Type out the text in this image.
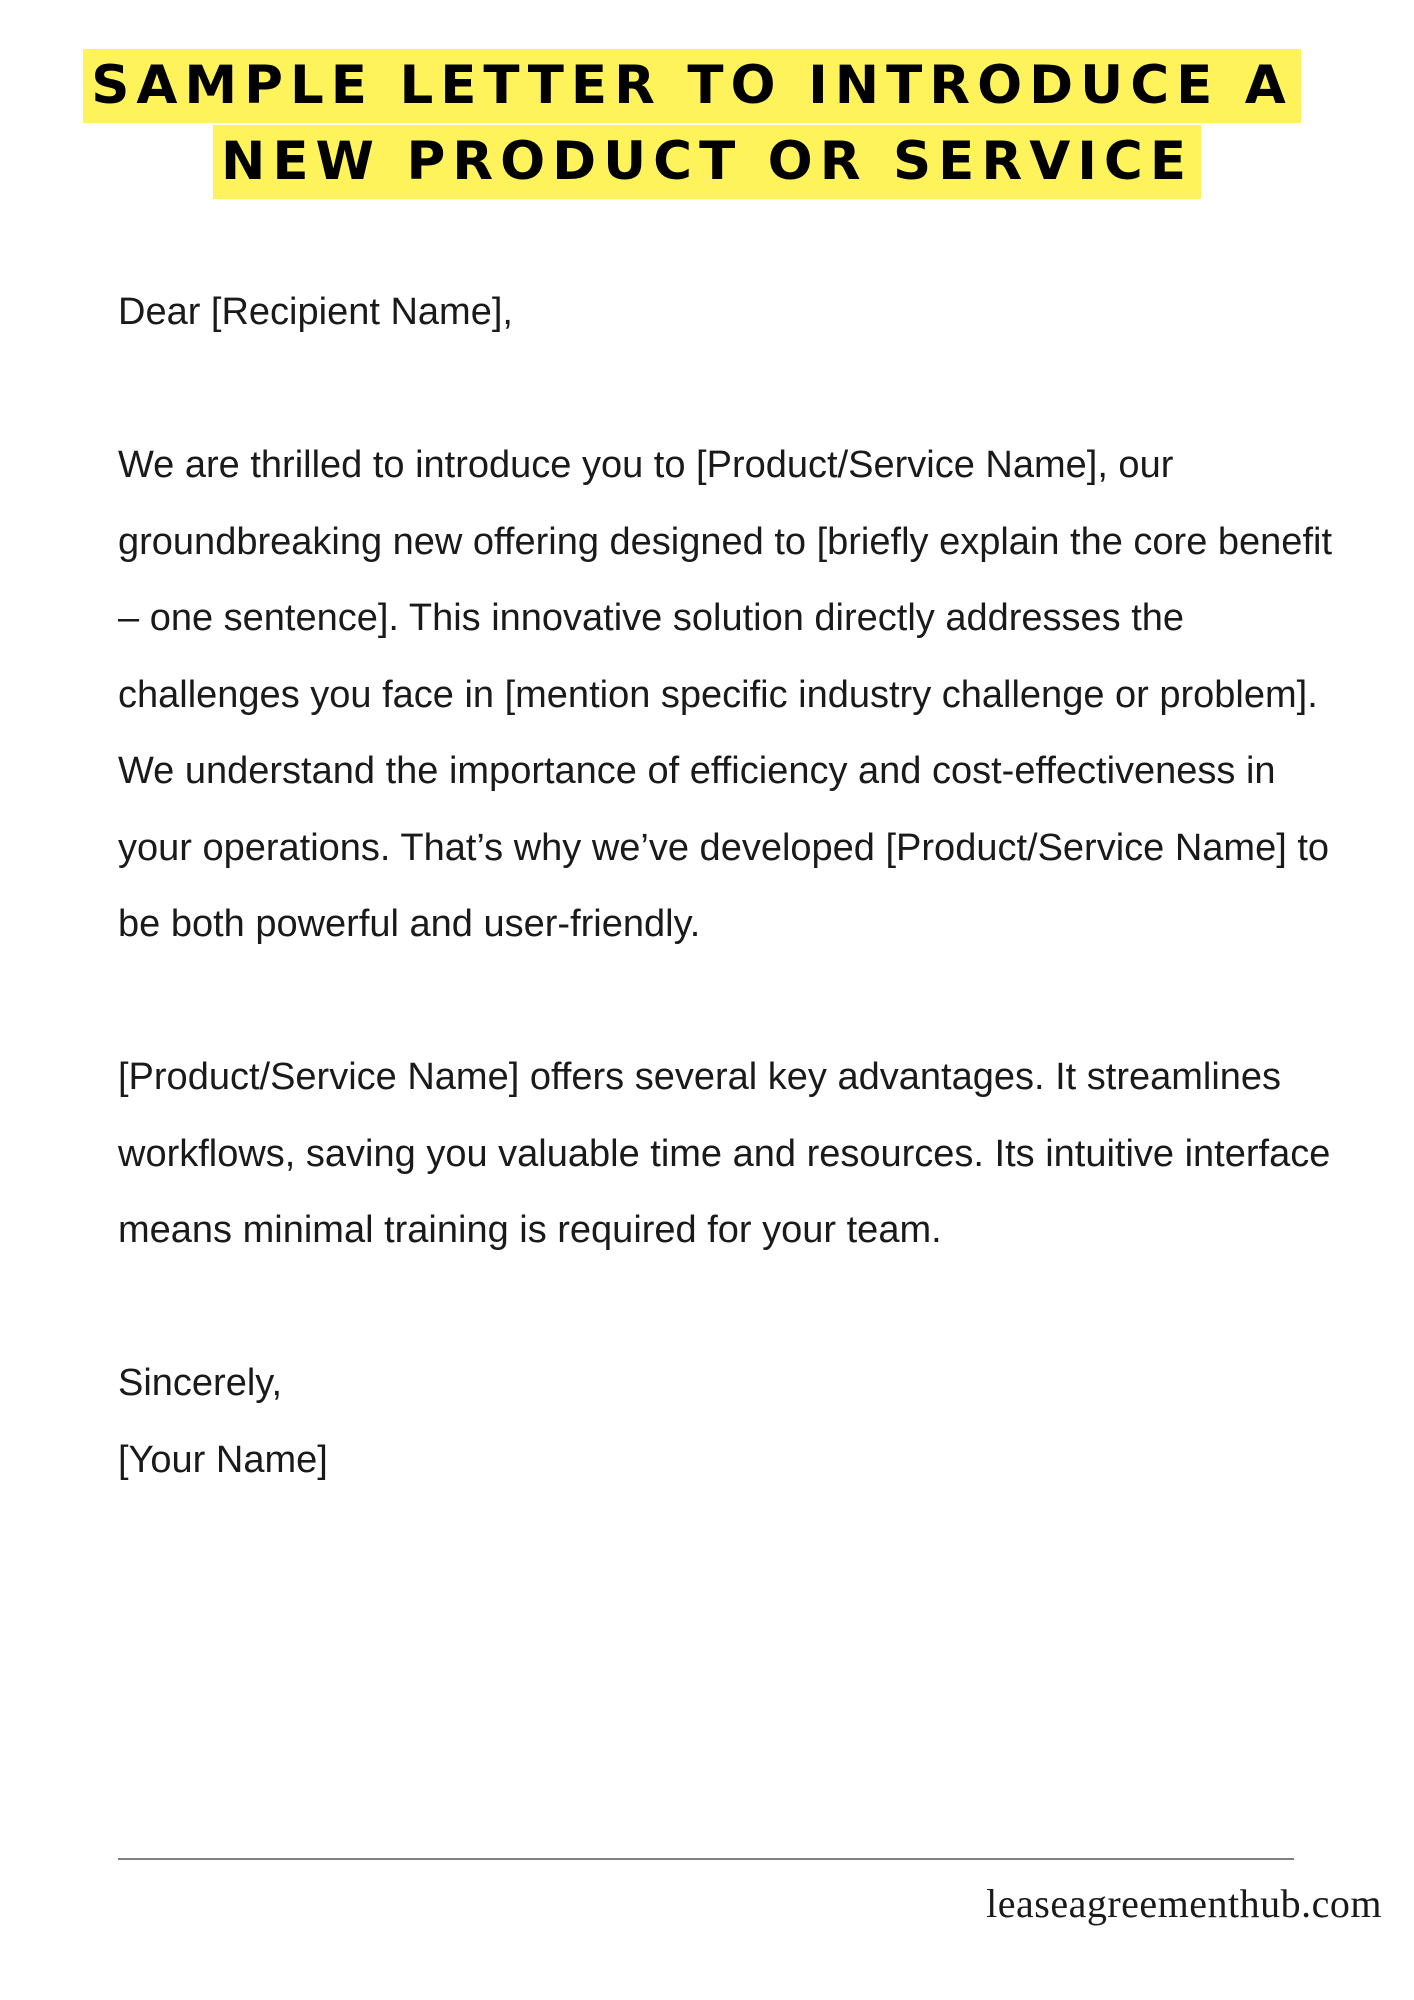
SAMPLE LETTER TO INTRODUCE A
NEW PRODUCT OR SERVICE

Dear [Recipient Name],

We are thrilled to introduce you to [Product/Service Name], our groundbreaking new offering designed to [briefly explain the core benefit – one sentence]. This innovative solution directly addresses the challenges you face in [mention specific industry challenge or problem]. We understand the importance of efficiency and cost-effectiveness in your operations. That’s why we’ve developed [Product/Service Name] to be both powerful and user-friendly.

[Product/Service Name] offers several key advantages. It streamlines workflows, saving you valuable time and resources. Its intuitive interface means minimal training is required for your team.

Sincerely,

[Your Name]

leaseagreementhub.com
